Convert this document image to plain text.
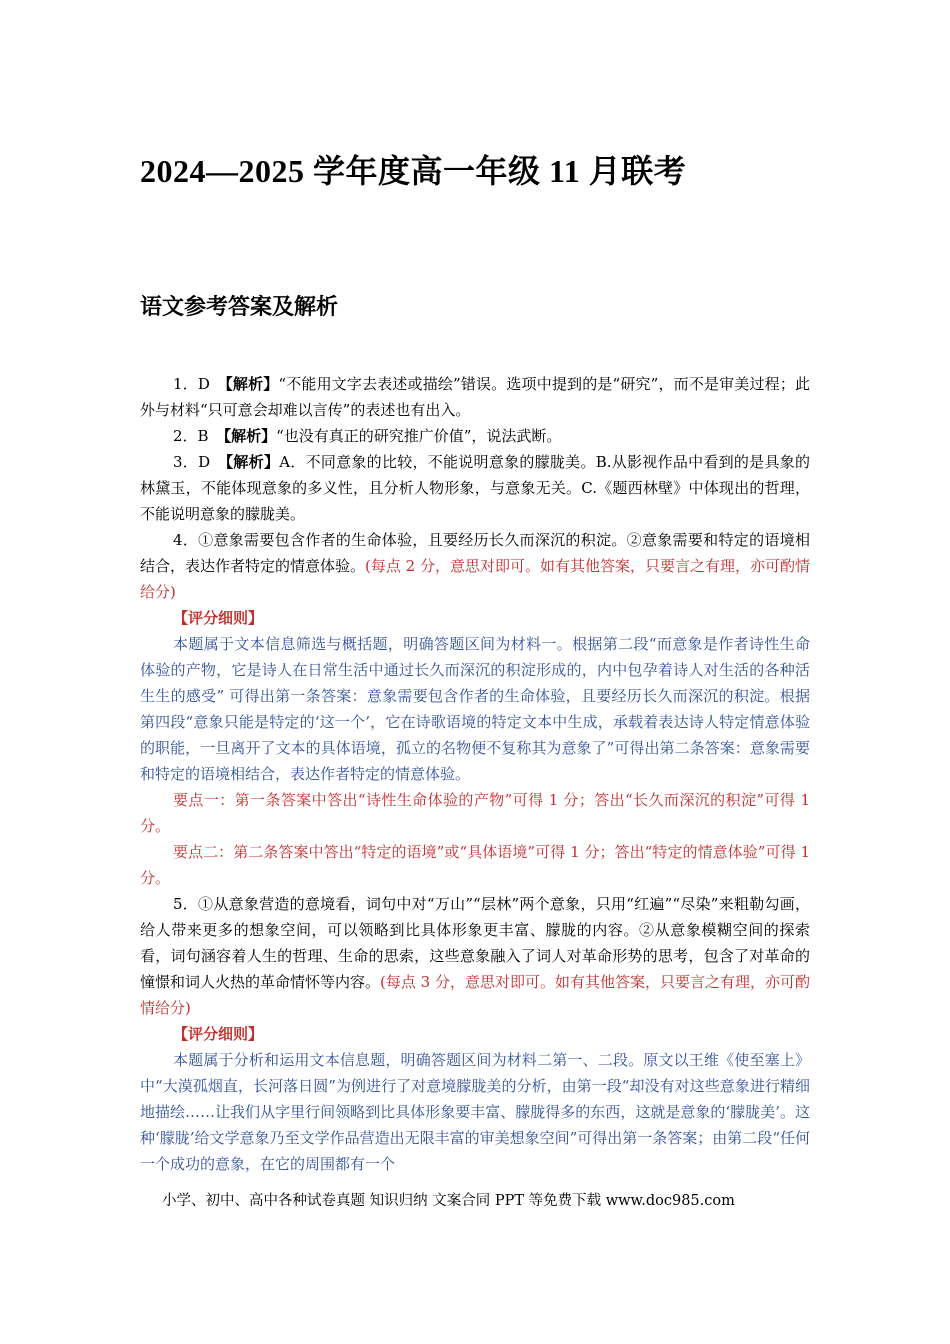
2024—2025 学年度高一年级 11 月联考
语文参考答案及解析

1．D　【解析】“不能用文字去表述或描绘”错误。选项中提到的是“研究”，而不是审美过程；此外与材料“只可意会却难以言传”的表述也有出入。

2．B　【解析】“也没有真正的研究推广价值”，说法武断。

3．D　【解析】A．不同意象的比较，不能说明意象的朦胧美。B.从影视作品中看到的是具象的林黛玉，不能体现意象的多义性，且分析人物形象，与意象无关。C.《题西林壁》中体现出的哲理，不能说明意象的朦胧美。

4．①意象需要包含作者的生命体验，且要经历长久而深沉的积淀。②意象需要和特定的语境相结合，表达作者特定的情意体验。(每点 2 分，意思对即可。如有其他答案，只要言之有理，亦可酌情给分)

【评分细则】

本题属于文本信息筛选与概括题，明确答题区间为材料一。根据第二段“而意象是作者诗性生命体验的产物，它是诗人在日常生活中通过长久而深沉的积淀形成的，内中包孕着诗人对生活的各种活生生的感受” 可得出第一条答案：意象需要包含作者的生命体验，且要经历长久而深沉的积淀。根据第四段“意象只能是特定的‘这一个’，它在诗歌语境的特定文本中生成，承载着表达诗人特定情意体验的职能，一旦离开了文本的具体语境，孤立的名物便不复称其为意象了”可得出第二条答案：意象需要和特定的语境相结合，表达作者特定的情意体验。

要点一：第一条答案中答出“诗性生命体验的产物”可得 1 分；答出“长久而深沉的积淀”可得 1 分。

要点二：第二条答案中答出“特定的语境”或“具体语境”可得 1 分；答出“特定的情意体验”可得 1 分。

5．①从意象营造的意境看，词句中对“万山”“层林”两个意象，只用“红遍”“尽染”来粗勒勾画，给人带来更多的想象空间，可以领略到比具体形象更丰富、朦胧的内容。②从意象模糊空间的探索看，词句涵容着人生的哲理、生命的思索，这些意象融入了词人对革命形势的思考，包含了对革命的憧憬和词人火热的革命情怀等内容。(每点 3 分，意思对即可。如有其他答案，只要言之有理，亦可酌情给分)

【评分细则】

本题属于分析和运用文本信息题，明确答题区间为材料二第一、二段。原文以王维《使至塞上》中“大漠孤烟直，长河落日圆”为例进行了对意境朦胧美的分析，由第一段“却没有对这些意象进行精细地描绘……让我们从字里行间领略到比具体形象要丰富、朦胧得多的东西，这就是意象的‘朦胧美’。这种‘朦胧’给文学意象乃至文学作品营造出无限丰富的审美想象空间”可得出第一条答案；由第二段“任何一个成功的意象，在它的周围都有一个

小学、初中、高中各种试卷真题 知识归纳 文案合同 PPT 等免费下载 www.doc985.com
